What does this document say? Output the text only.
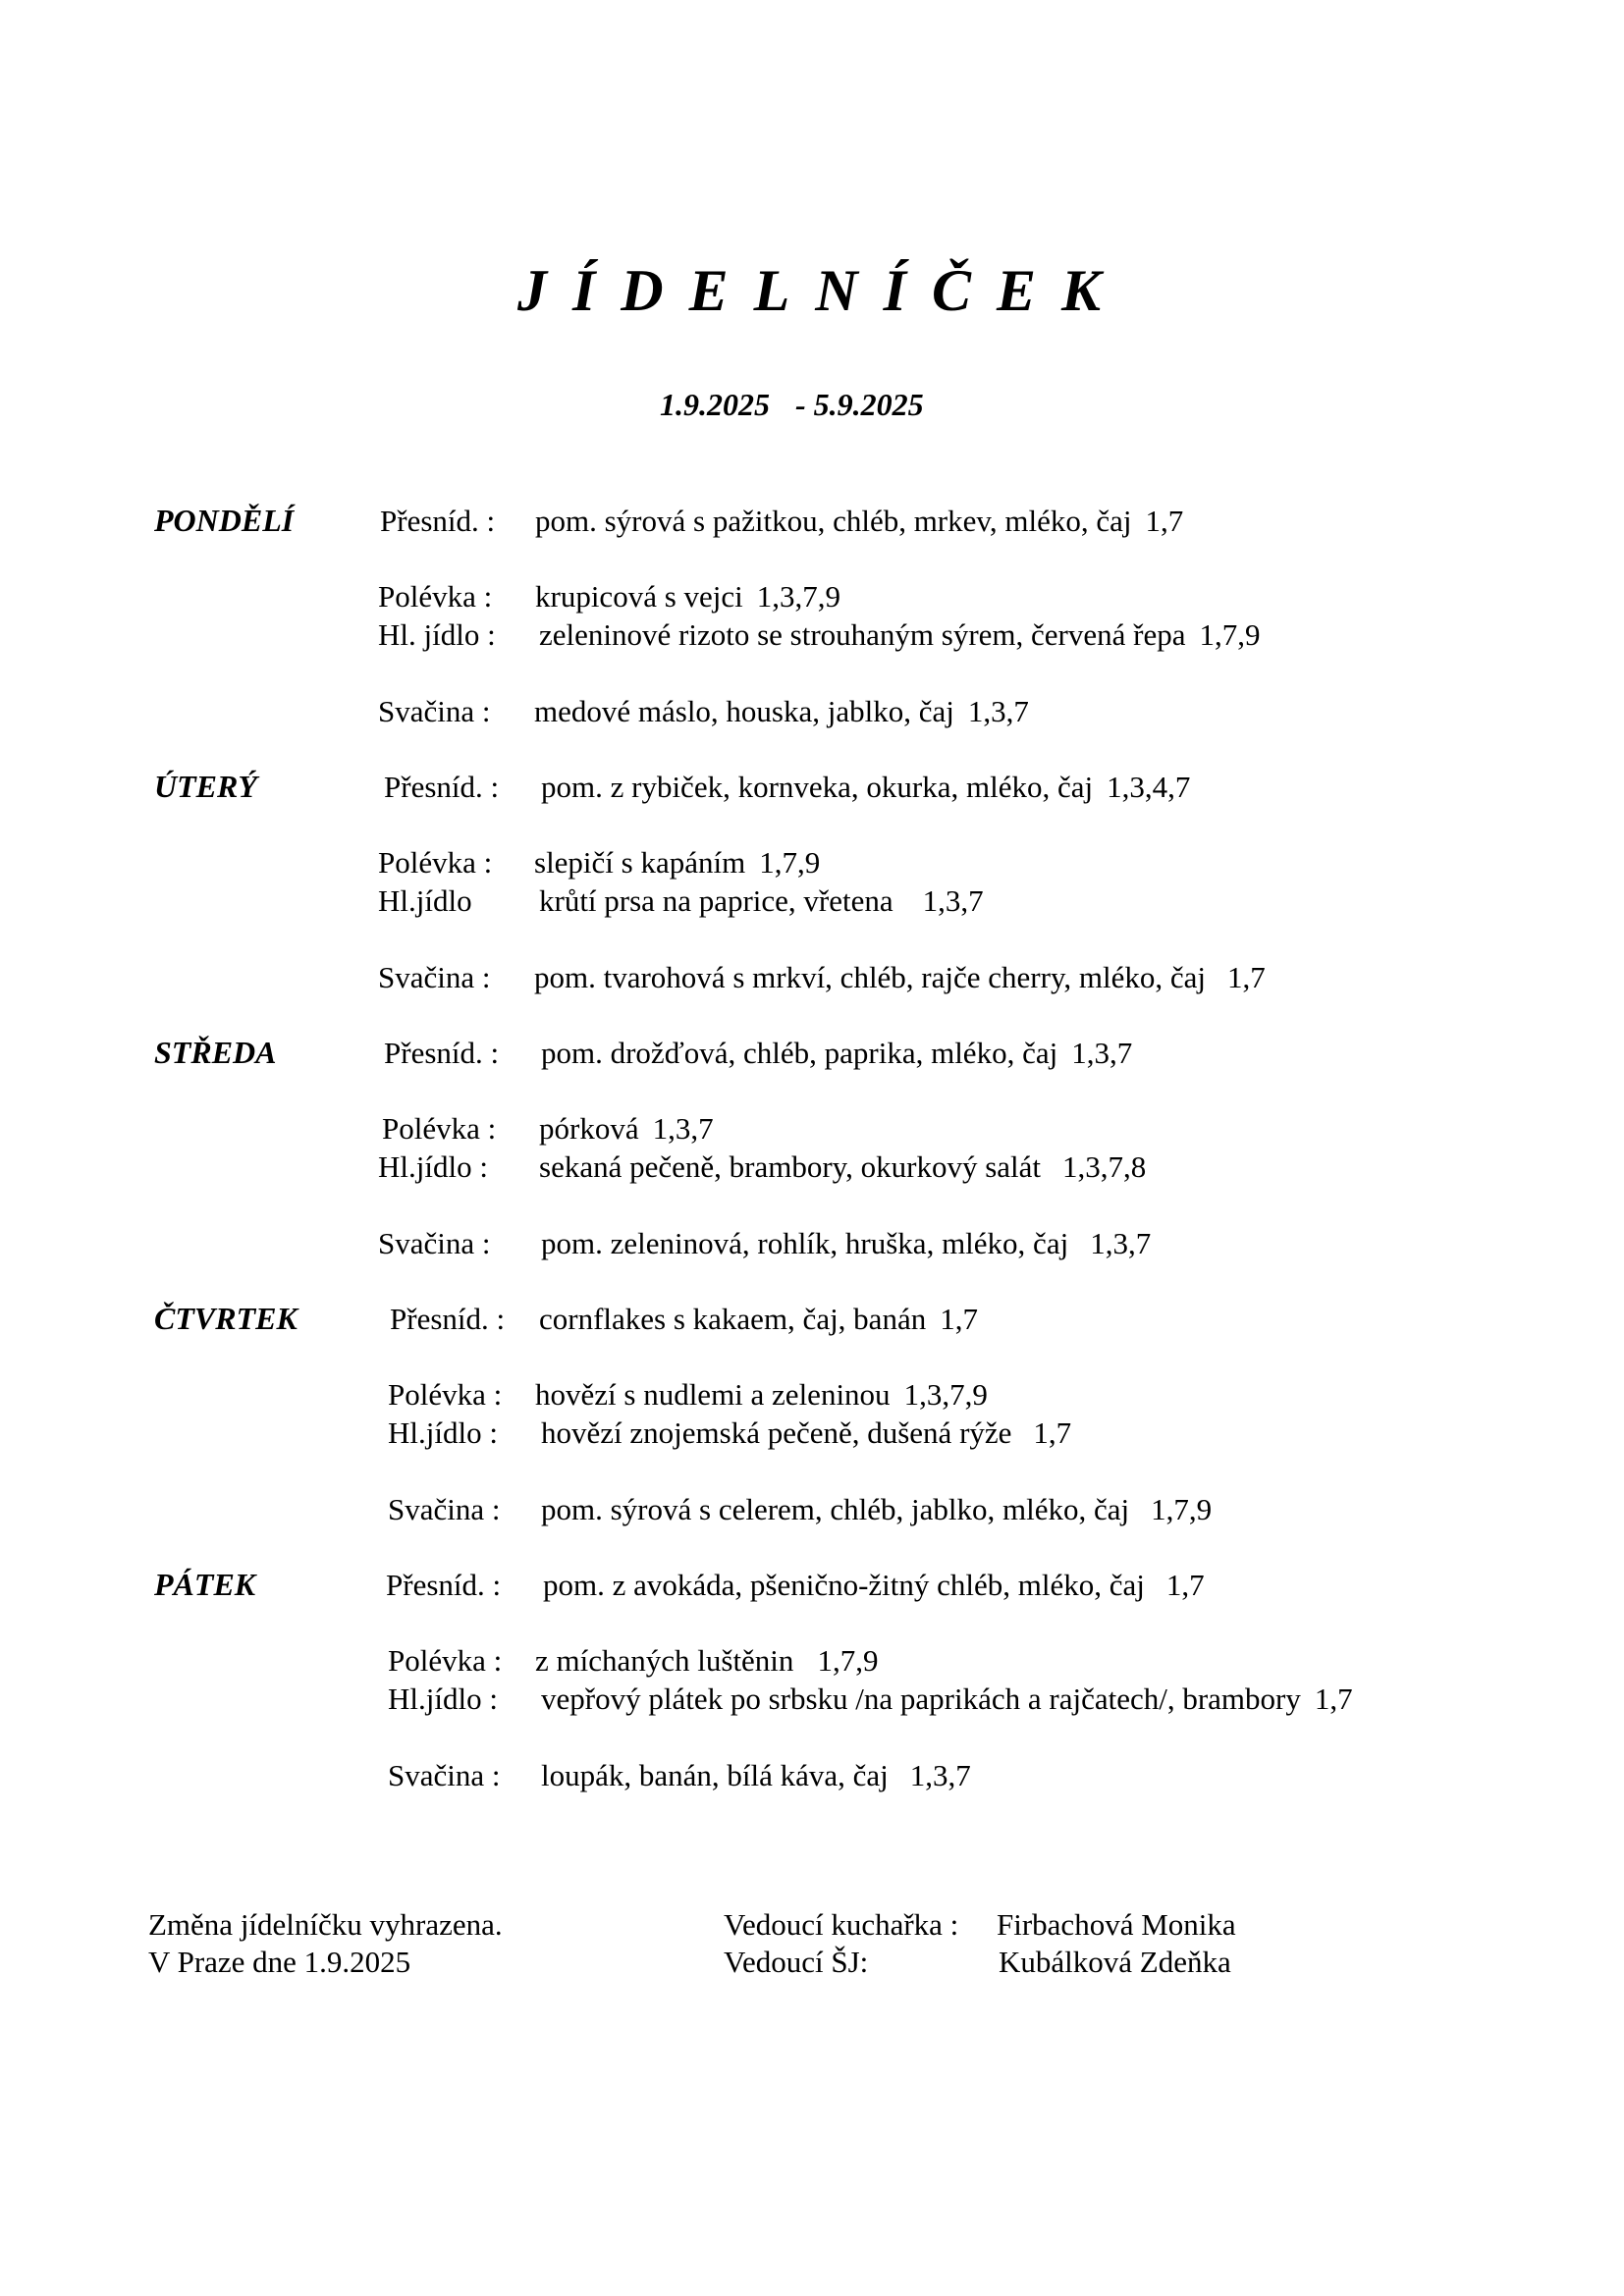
JÍDELNÍČEK
1.9.2025 - 5.9.2025
PONDĚLÍ	Přesníd. : pom. sýrová s pažitkou, chléb, mrkev, mléko, čaj 1,7
Polévka : krupicová s vejci 1,3,7,9
Hl. jídlo : zeleninové rizoto se strouhaným sýrem, červená řepa 1,7,9
Svačina : medové máslo, houska, jablko, čaj 1,3,7
ÚTERÝ	Přesníd. : pom. z rybiček, kornveka, okurka, mléko, čaj 1,3,4,7
Polévka : slepičí s kapáním 1,7,9
Hl.jídlo krůtí prsa na paprice, vřetena 1,3,7
Svačina : pom. tvarohová s mrkví, chléb, rajče cherry, mléko, čaj 1,7
STŘEDA	Přesníd. : pom. drožďová, chléb, paprika, mléko, čaj 1,3,7
Polévka : pórková 1,3,7
Hl.jídlo : sekaná pečeně, brambory, okurkový salát 1,3,7,8
Svačina : pom. zeleninová, rohlík, hruška, mléko, čaj 1,3,7
ČTVRTEK	Přesníd. : cornflakes s kakaem, čaj, banán 1,7
Polévka : hovězí s nudlemi a zeleninou 1,3,7,9
Hl.jídlo : hovězí znojemská pečeně, dušená rýže 1,7
Svačina : pom. sýrová s celerem, chléb, jablko, mléko, čaj 1,7,9
PÁTEK	Přesníd. : pom. z avokáda, pšenično-žitný chléb, mléko, čaj 1,7
Polévka : z míchaných luštěnin 1,7,9
Hl.jídlo : vepřový plátek po srbsku /na paprikách a rajčatech/, brambory 1,7
Svačina : loupák, banán, bílá káva, čaj 1,3,7
Změna jídelníčku vyhrazena.
V Praze dne 1.9.2025
Vedoucí kuchařka : Firbachová Monika
Vedoucí ŠJ:	Kubálková Zdeňka
